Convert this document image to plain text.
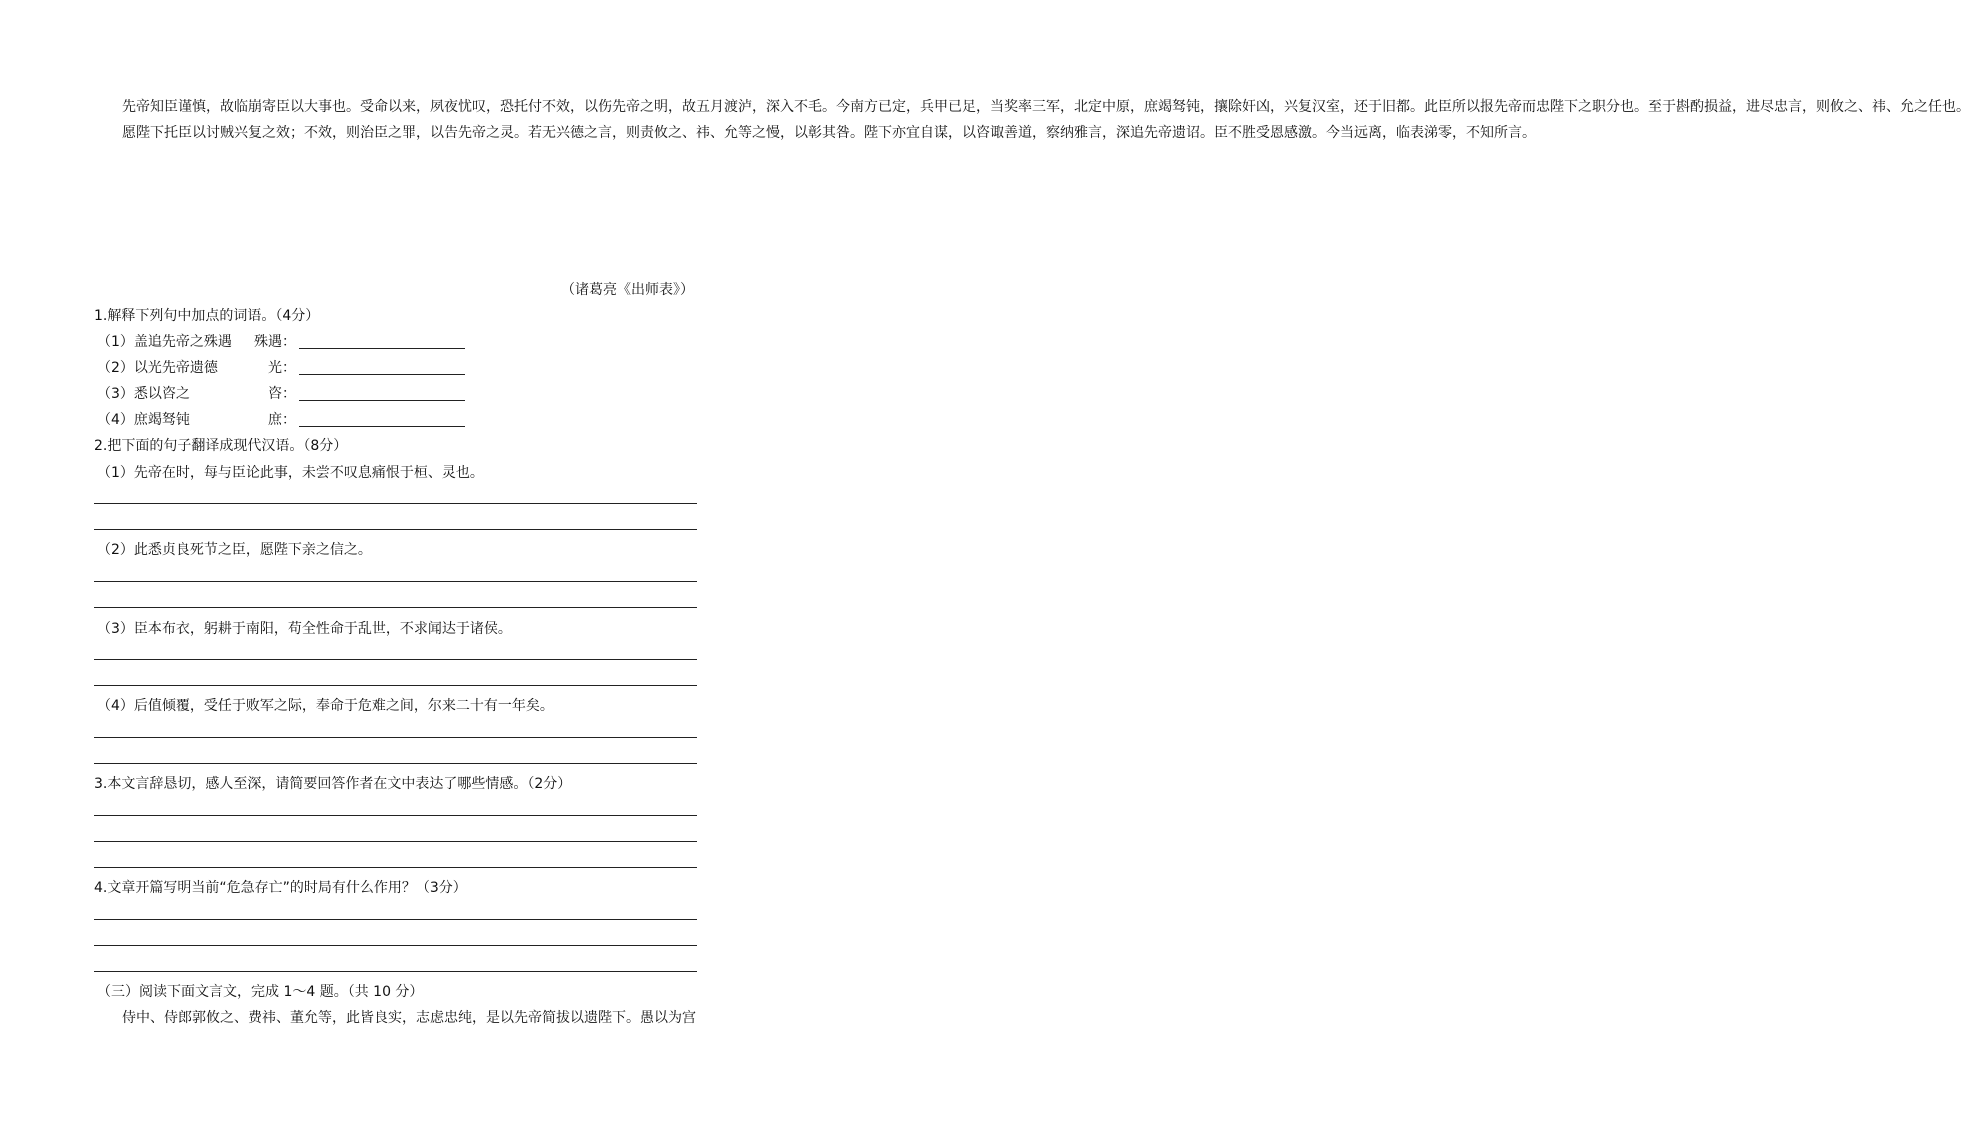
先帝知臣谨慎，故临崩寄臣以大事也。受命以来，夙夜忧叹，恐托付不效，以伤先帝之明，故五月渡泸，深入不毛。今南方已定，兵甲已足，当奖率三军，北定中原，庶竭驽钝，攘除奸凶，兴复汉室，还于旧都。此臣所以报先帝而忠陛下之职分也。至于斟酌损益，进尽忠言，则攸之、祎、允之任也。

愿陛下托臣以讨贼兴复之效；不效，则治臣之罪，以告先帝之灵。若无兴德之言，则责攸之、祎、允等之慢，以彰其咎。陛下亦宜自谋，以咨诹善道，察纳雅言，深追先帝遗诏。臣不胜受恩感激。今当远离，临表涕零，不知所言。

（诸葛亮《出师表》）
1.解释下列句中加点的词语。（4分）
（1）盖追先帝之殊遇 殊遇：
（2）以光先帝遗德	光：
（3）悉以咨之	咨：
（4）庶竭驽钝	庶：
2.把下面的句子翻译成现代汉语。（8分）
（1）先帝在时，每与臣论此事，未尝不叹息痛恨于桓、灵也。
（2）此悉贞良死节之臣，愿陛下亲之信之。
（3）臣本布衣，躬耕于南阳，苟全性命于乱世，不求闻达于诸侯。
（4）后值倾覆，受任于败军之际，奉命于危难之间，尔来二十有一年矣。
3.本文言辞恳切，感人至深，请简要回答作者在文中表达了哪些情感。（2分）
4.文章开篇写明当前“危急存亡”的时局有什么作用？（3分）
（三）阅读下面文言文，完成 1～4 题。（共 10 分）
侍中、侍郎郭攸之、费祎、董允等，此皆良实，志虑忠纯，是以先帝简拔以遗陛下。愚以为宫
